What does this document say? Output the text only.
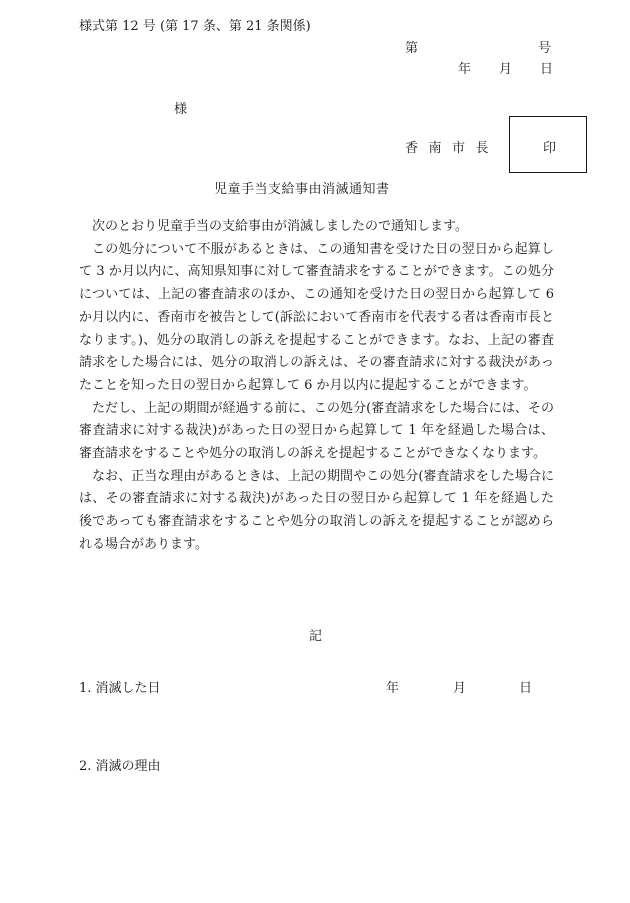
様式第 12 号 (第 17 条、第 21 条関係)
第	号
年 月 日
様
香南市長	印
児童手当支給事由消滅通知書

次のとおり児童手当の支給事由が消滅しましたので通知します。

この処分について不服があるときは、この通知書を受けた日の翌日から起算して 3 か月以内に、高知県知事に対して審査請求をすることができます。この処分については、上記の審査請求のほか、この通知を受けた日の翌日から起算して 6 か月以内に、香南市を被告として(訴訟において香南市を代表する者は香南市長となります。)、処分の取消しの訴えを提起することができます。なお、上記の審査請求をした場合には、処分の取消しの訴えは、その審査請求に対する裁決があったことを知った日の翌日から起算して 6 か月以内に提起することができます。

ただし、上記の期間が経過する前に、この処分(審査請求をした場合には、その審査請求に対する裁決)があった日の翌日から起算して 1 年を経過した場合は、審査請求をすることや処分の取消しの訴えを提起することができなくなります。

なお、正当な理由があるときは、上記の期間やこの処分(審査請求をした場合には、その審査請求に対する裁決)があった日の翌日から起算して 1 年を経過した後であっても審査請求をすることや処分の取消しの訴えを提起することが認められる場合があります。

記
1. 消滅した日	年	月	日
2. 消滅の理由
